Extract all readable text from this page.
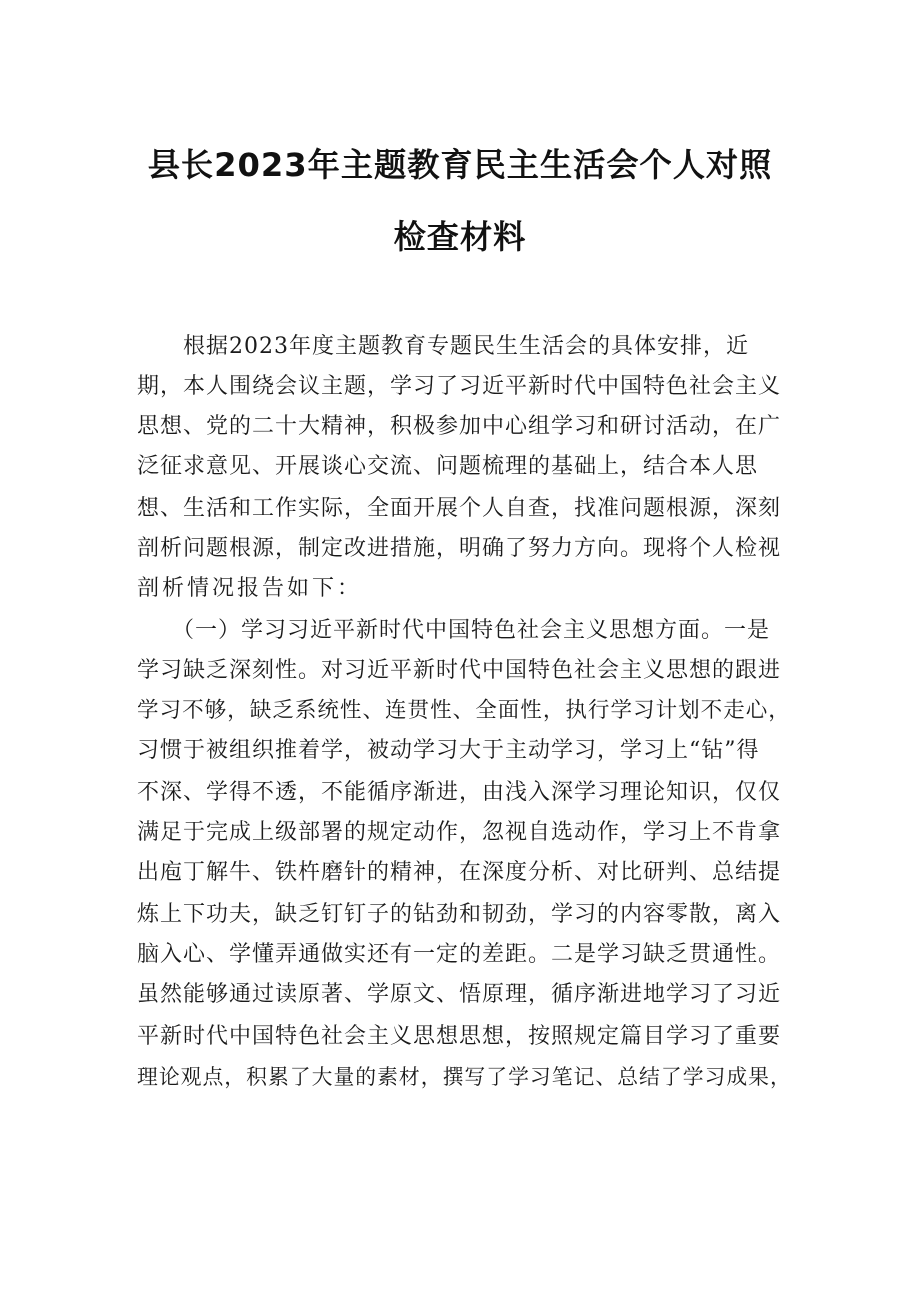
县长2023年主题教育民主生活会个人对照
检查材料
　　根据2023年度主题教育专题民生生活会的具体安排，近
期，本人围绕会议主题，学习了习近平新时代中国特色社会主义
思想、党的二十大精神，积极参加中心组学习和研讨活动，在广
泛征求意见、开展谈心交流、问题梳理的基础上，结合本人思
想、生活和工作实际，全面开展个人自查，找准问题根源，深刻
剖析问题根源，制定改进措施，明确了努力方向。现将个人检视
剖析情况报告如下：
　　（一）学习习近平新时代中国特色社会主义思想方面。一是
学习缺乏深刻性。对习近平新时代中国特色社会主义思想的跟进
学习不够，缺乏系统性、连贯性、全面性，执行学习计划不走心，
习惯于被组织推着学，被动学习大于主动学习，学习上“钻”得
不深、学得不透，不能循序渐进，由浅入深学习理论知识，仅仅
满足于完成上级部署的规定动作，忽视自选动作，学习上不肯拿
出庖丁解牛、铁杵磨针的精神，在深度分析、对比研判、总结提
炼上下功夫，缺乏钉钉子的钻劲和韧劲，学习的内容零散，离入
脑入心、学懂弄通做实还有一定的差距。二是学习缺乏贯通性。
虽然能够通过读原著、学原文、悟原理，循序渐进地学习了习近
平新时代中国特色社会主义思想思想，按照规定篇目学习了重要
理论观点，积累了大量的素材，撰写了学习笔记、总结了学习成果，
